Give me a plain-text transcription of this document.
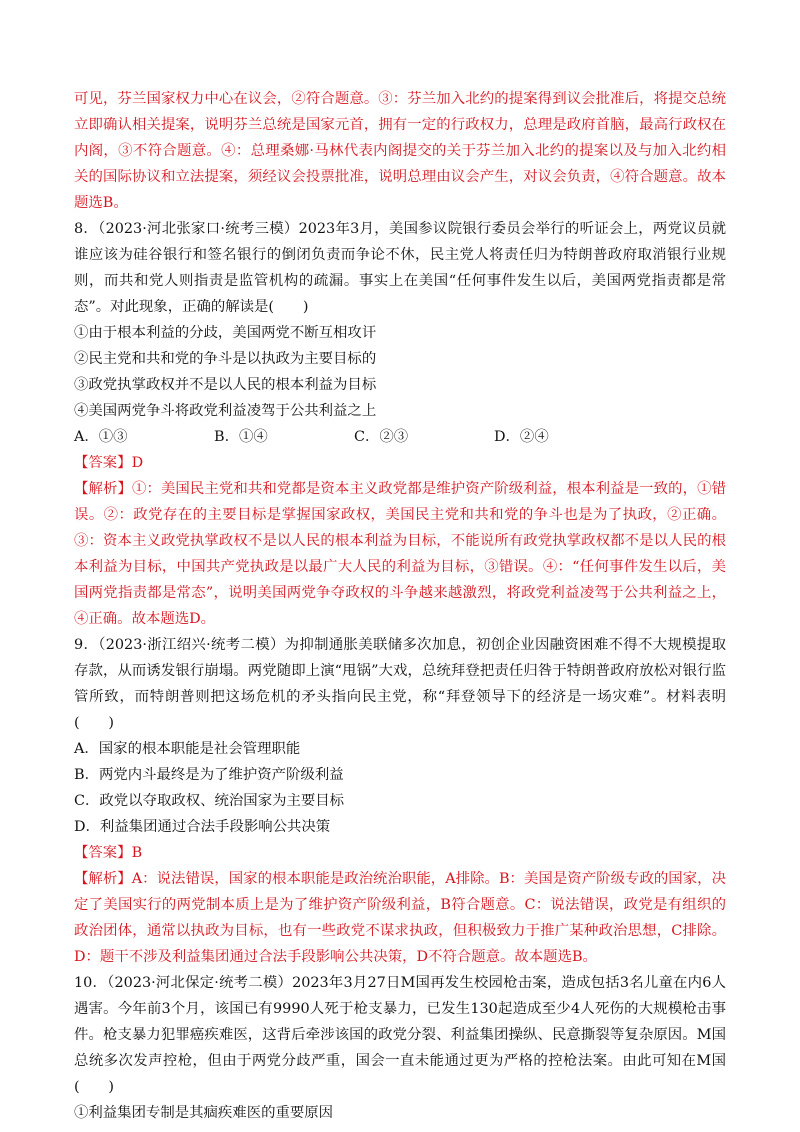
可见，芬兰国家权力中心在议会，②符合题意。③：芬兰加入北约的提案得到议会批准后，将提交总统立即确认相关提案，说明芬兰总统是国家元首，拥有一定的行政权力，总理是政府首脑，最高行政权在内阁，③不符合题意。④：总理桑娜·马林代表内阁提交的关于芬兰加入北约的提案以及与加入北约相关的国际协议和立法提案，须经议会投票批准，说明总理由议会产生，对议会负责，④符合题意。故本题选B。

8．（2023·河北张家口·统考三模）2023年3月，美国参议院银行委员会举行的听证会上，两党议员就谁应该为硅谷银行和签名银行的倒闭负责而争论不休，民主党人将责任归为特朗普政府取消银行业规则，而共和党人则指责是监管机构的疏漏。事实上在美国“任何事件发生以后，美国两党指责都是常态”。对此现象，正确的解读是(　　)

①由于根本利益的分歧，美国两党不断互相攻讦

②民主党和共和党的争斗是以执政为主要目标的

③政党执掌政权并不是以人民的根本利益为目标

④美国两党争斗将政党利益凌驾于公共利益之上

A．①③	B．①④	C．②③	D．②④

【答案】D

【解析】①：美国民主党和共和党都是资本主义政党都是维护资产阶级利益，根本利益是一致的，①错误。②：政党存在的主要目标是掌握国家政权，美国民主党和共和党的争斗也是为了执政，②正确。③：资本主义政党执掌政权不是以人民的根本利益为目标，不能说所有政党执掌政权都不是以人民的根本利益为目标，中国共产党执政是以最广大人民的利益为目标，③错误。④：“任何事件发生以后，美国两党指责都是常态”，说明美国两党争夺政权的斗争越来越激烈，将政党利益凌驾于公共利益之上，④正确。故本题选D。

9．（2023·浙江绍兴·统考二模）为抑制通胀美联储多次加息，初创企业因融资困难不得不大规模提取存款，从而诱发银行崩塌。两党随即上演“甩锅”大戏，总统拜登把责任归咎于特朗普政府放松对银行监管所致，而特朗普则把这场危机的矛头指向民主党，称“拜登领导下的经济是一场灾难”。材料表明(　　)

A．国家的根本职能是社会管理职能

B．两党内斗最终是为了维护资产阶级利益

C．政党以夺取政权、统治国家为主要目标

D．利益集团通过合法手段影响公共决策

【答案】B

【解析】A：说法错误，国家的根本职能是政治统治职能，A排除。B：美国是资产阶级专政的国家，决定了美国实行的两党制本质上是为了维护资产阶级利益，B符合题意。C：说法错误，政党是有组织的政治团体，通常以执政为目标，也有一些政党不谋求执政，但积极致力于推广某种政治思想，C排除。D：题干不涉及利益集团通过合法手段影响公共决策，D不符合题意。故本题选B。

10．（2023·河北保定·统考二模）2023年3月27日M国再发生校园枪击案，造成包括3名儿童在内6人遇害。今年前3个月，该国已有9990人死于枪支暴力，已发生130起造成至少4人死伤的大规模枪击事件。枪支暴力犯罪癌疾难医，这背后牵涉该国的政党分裂、利益集团操纵、民意撕裂等复杂原因。M国总统多次发声控枪，但由于两党分歧严重，国会一直未能通过更为严格的控枪法案。由此可知在M国(　　)

①利益集团专制是其痼疾难医的重要原因
